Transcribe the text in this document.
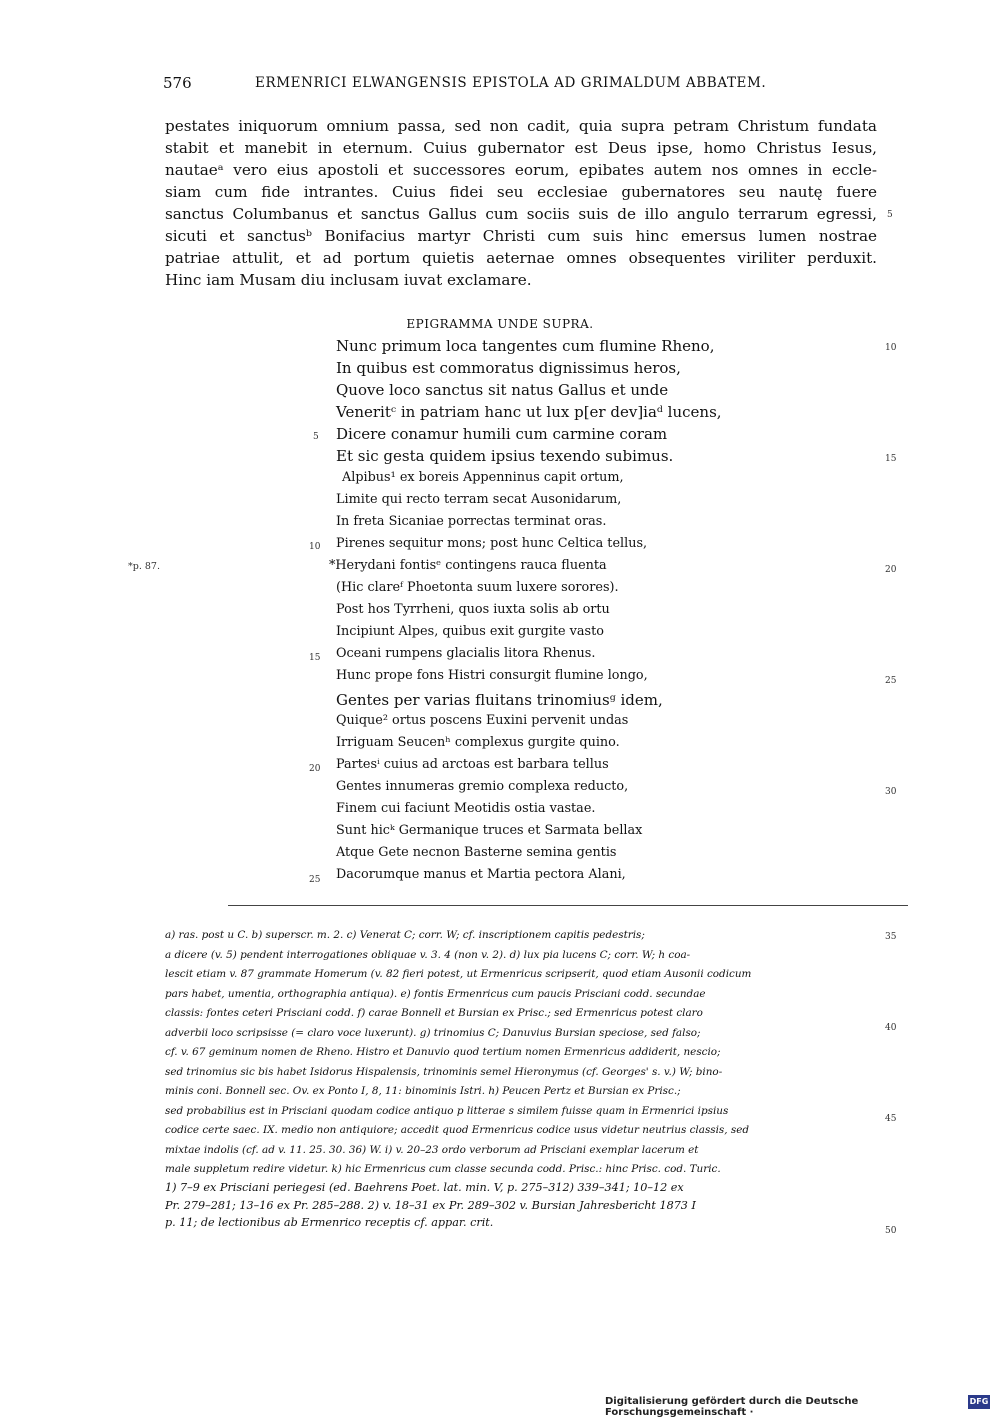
576	ERMENRICI ELWANGENSIS EPISTOLA AD GRIMALDUM ABBATEM.
pestates iniquorum omnium passa, sed non cadit, quia supra petram Christum fundata
stabit et manebit in eternum. Cuius gubernator est Deus ipse, homo Christus Iesus,
nautaeᵃ vero eius apostoli et successores eorum, epibates autem nos omnes in eccle-
siam cum fide intrantes. Cuius fidei seu ecclesiae gubernatores seu nautę fuere
sanctus Columbanus et sanctus Gallus cum sociis suis de illo angulo terrarum egressi,
sicuti et sanctusᵇ Bonifacius martyr Christi cum suis hinc emersus lumen nostrae
patriae attulit, et ad portum quietis aeternae omnes obsequentes viriliter perduxit.
Hinc iam Musam diu inclusam iuvat exclamare.
5
EPIGRAMMA UNDE SUPRA.
*p. 87.
Nunc primum loca tangentes cum flumine Rheno,
In quibus est commoratus dignissimus heros,
Quove loco sanctus sit natus Gallus et unde
Veneritᶜ in patriam hanc ut lux p[er dev]iaᵈ lucens,
Dicere conamur humili cum carmine coram
Et sic gesta quidem ipsius texendo subimus.
Alpibus¹ ex boreis Appenninus capit ortum,
Limite qui recto terram secat Ausonidarum,
In freta Sicaniae porrectas terminat oras.
Pirenes sequitur mons; post hunc Celtica tellus,
*Herydani fontisᵉ contingens rauca fluenta
(Hic clareᶠ Phoetonta suum luxere sorores).
Post hos Tyrrheni, quos iuxta solis ab ortu
Incipiunt Alpes, quibus exit gurgite vasto
Oceani rumpens glacialis litora Rhenus.
Hunc prope fons Histri consurgit flumine longo,
Gentes per varias fluitans trinomiusᵍ idem,
Quique² ortus poscens Euxini pervenit undas
Irriguam Seucenʰ complexus gurgite quino.
Partesⁱ cuius ad arctoas est barbara tellus
Gentes innumeras gremio complexa reducto,
Finem cui faciunt Meotidis ostia vastae.
Sunt hicᵏ Germanique truces et Sarmata bellax
Atque Gete necnon Basterne semina gentis
Dacorumque manus et Martia pectora Alani,
5
10
15
20
25
10
15
20
25
30
35
40
45
50
a) ras. post u C. b) superscr. m. 2. c) Venerat C; corr. W; cf. inscriptionem capitis pedestris;
a dicere (v. 5) pendent interrogationes obliquae v. 3. 4 (non v. 2). d) lux pia lucens C; corr. W; h coa-
lescit etiam v. 87 grammate Homerum (v. 82 fieri potest, ut Ermenricus scripserit, quod etiam Ausonii codicum
pars habet, umentia, orthographia antiqua). e) fontis Ermenricus cum paucis Prisciani codd. secundae
classis: fontes ceteri Prisciani codd. f) carae Bonnell et Bursian ex Prisc.; sed Ermenricus potest claro
adverbii loco scripsisse (= claro voce luxerunt). g) trinomius C; Danuvius Bursian speciose, sed falso;
cf. v. 67 geminum nomen de Rheno. Histro et Danuvio quod tertium nomen Ermenricus addiderit, nescio;
sed trinomius sic bis habet Isidorus Hispalensis, trinominis semel Hieronymus (cf. Georges' s. v.) W; bino-
minis coni. Bonnell sec. Ov. ex Ponto I, 8, 11: binominis Istri. h) Peucen Pertz et Bursian ex Prisc.;
sed probabilius est in Prisciani quodam codice antiquo p litterae s similem fuisse quam in Ermenrici ipsius
codice certe saec. IX. medio non antiquiore; accedit quod Ermenricus codice usus videtur neutrius classis, sed
mixtae indolis (cf. ad v. 11. 25. 30. 36) W. i) v. 20–23 ordo verborum ad Prisciani exemplar lacerum et
male suppletum redire videtur. k) hic Ermenricus cum classe secunda codd. Prisc.: hinc Prisc. cod. Turic.
1) 7–9 ex Prisciani periegesi (ed. Baehrens Poet. lat. min. V, p. 275–312) 339–341; 10–12 ex
Pr. 279–281; 13–16 ex Pr. 285–288. 2) v. 18–31 ex Pr. 289–302 v. Bursian Jahresbericht 1873 I
p. 11; de lectionibus ab Ermenrico receptis cf. appar. crit.
Digitalisierung gefördert durch die Deutsche Forschungsgemeinschaft ·
DFG
